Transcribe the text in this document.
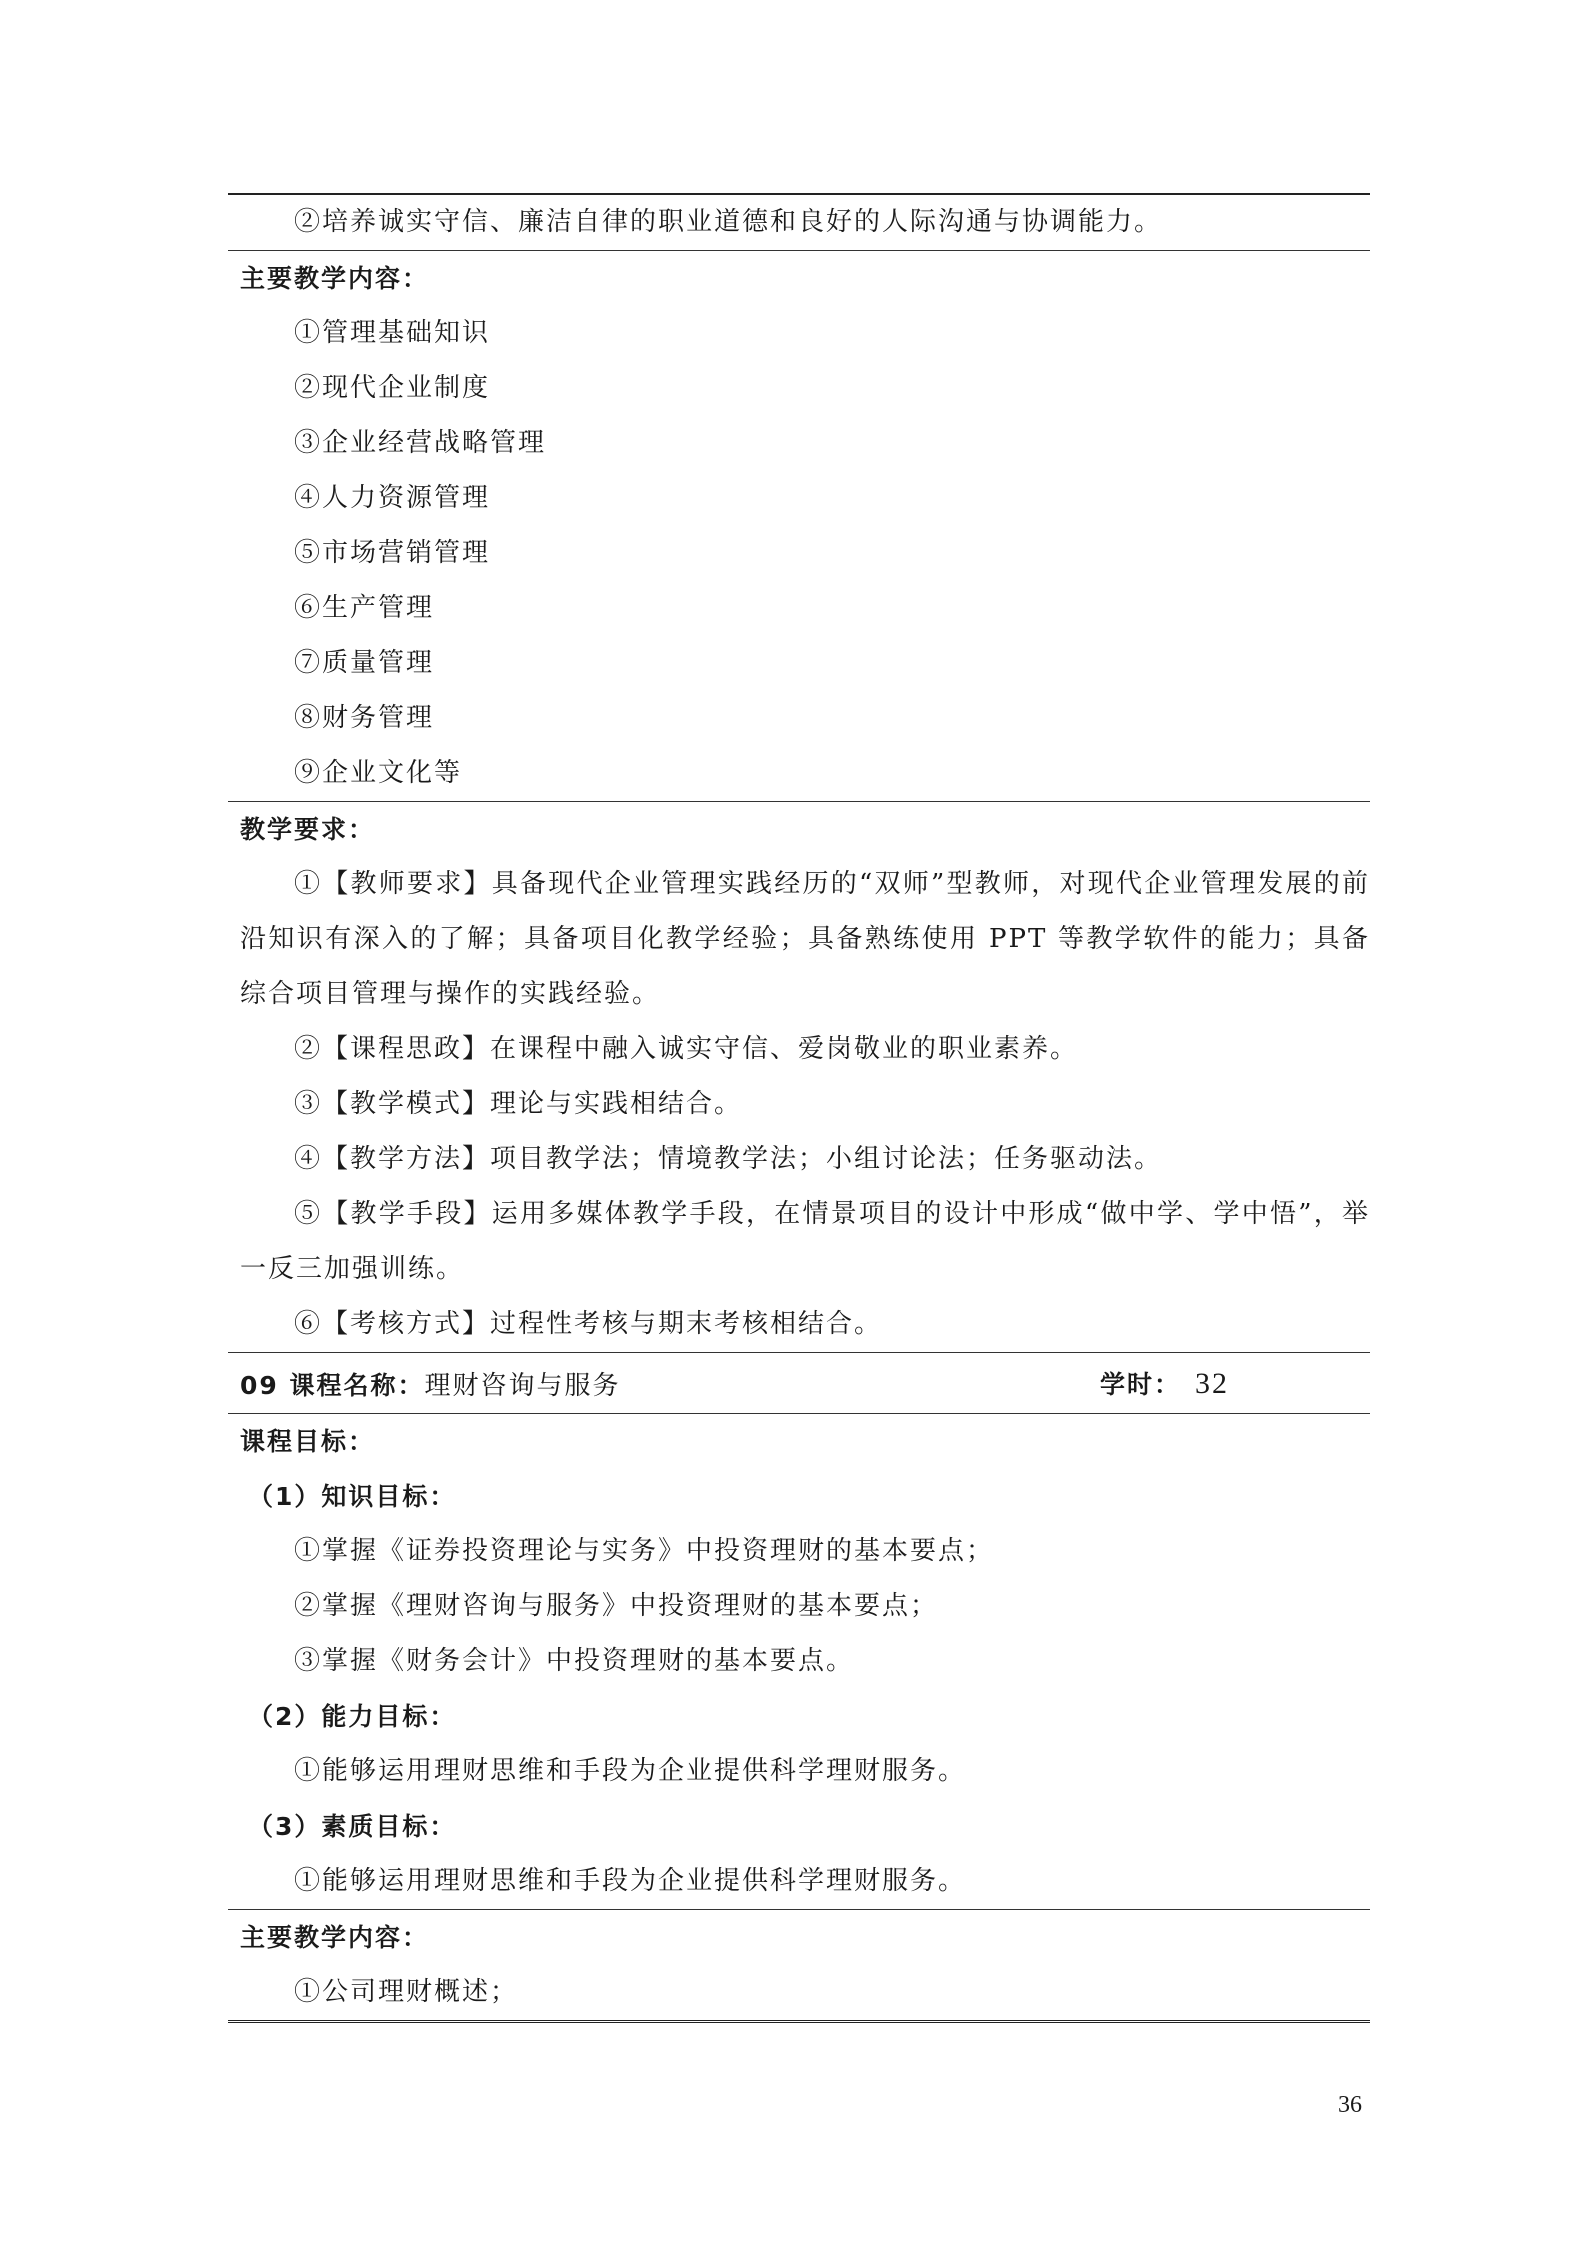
②培养诚实守信、廉洁自律的职业道德和良好的人际沟通与协调能力。
主要教学内容：
①管理基础知识
②现代企业制度
③企业经营战略管理
④人力资源管理
⑤市场营销管理
⑥生产管理
⑦质量管理
⑧财务管理
⑨企业文化等
教学要求：

①【教师要求】具备现代企业管理实践经历的“双师”型教师，对现代企业管理发展的前沿知识有深入的了解；具备项目化教学经验；具备熟练使用 PPT 等教学软件的能力；具备综合项目管理与操作的实践经验。

②【课程思政】在课程中融入诚实守信、爱岗敬业的职业素养。

③【教学模式】理论与实践相结合。

④【教学方法】项目教学法；情境教学法；小组讨论法；任务驱动法。

⑤【教学手段】运用多媒体教学手段，在情景项目的设计中形成“做中学、学中悟”，举一反三加强训练。

⑥【考核方式】过程性考核与期末考核相结合。

09 课程名称：理财咨询与服务	学时： 32
课程目标：
（1）知识目标：
①掌握《证券投资理论与实务》中投资理财的基本要点；
②掌握《理财咨询与服务》中投资理财的基本要点；
③掌握《财务会计》中投资理财的基本要点。
（2）能力目标：
①能够运用理财思维和手段为企业提供科学理财服务。
（3）素质目标：
①能够运用理财思维和手段为企业提供科学理财服务。
主要教学内容：
①公司理财概述；
36
